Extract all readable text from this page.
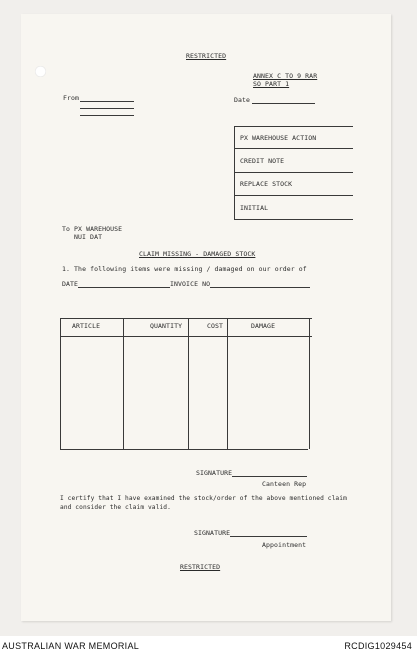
RESTRICTED
ANNEX C TO 9 RAR
SO PART 1
From	Date
PX WAREHOUSE ACTION
CREDIT NOTE
REPLACE STOCK
INITIAL
To PX WAREHOUSE
NUI DAT
CLAIM MISSING - DAMAGED STOCK
1. The following items were missing / damaged on our order of
DATE	INVOICE NO
ARTICLE	QUANTITY	COST	DAMAGE
SIGNATURE
Canteen Rep
I certify that I have examined the stock/order of the above mentioned claim
and consider the claim valid.
SIGNATURE
Appointment
RESTRICTED
AUSTRALIAN WAR MEMORIAL	RCDIG1029454
